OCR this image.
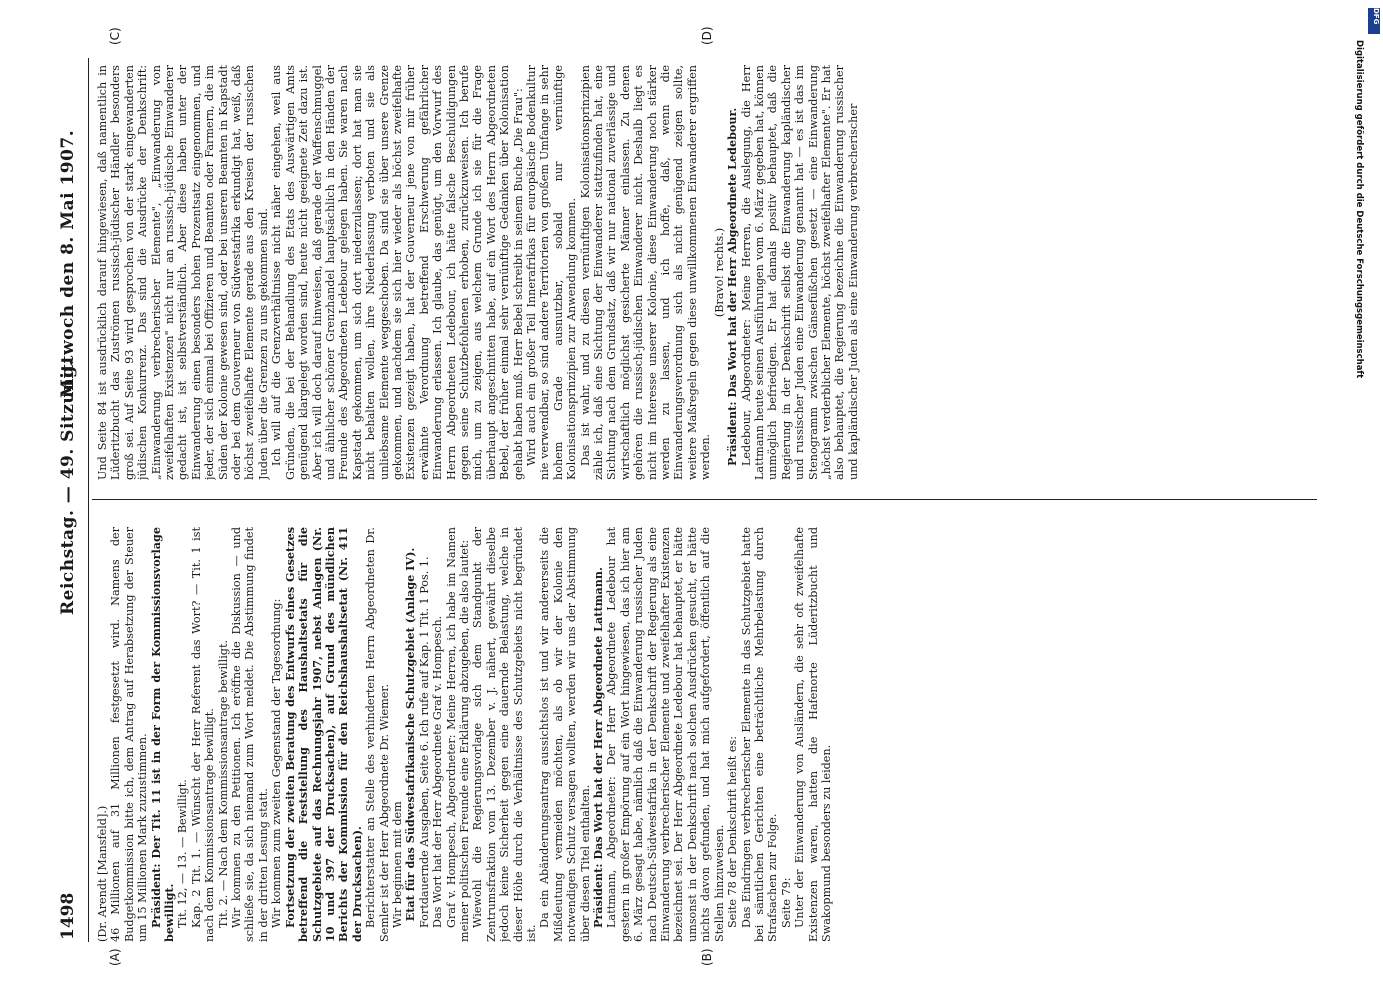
1498
Reichstag. — 49. Sitzung.
Mittwoch den 8. Mai 1907.
(A)	(B)
(C)	(D)

(Dr. Arendt [Mansfeld].) 46 Millionen auf 31 Millionen festgesetzt wird. Namens der Budgetkommission bitte ich, dem Antrag auf Herabsetzung der Steuer um 15 Millionen Mark zuzustimmen. Präsident: Der Tit. 11 ist in der Form der Kommissionsvorlage bewilligt. Tit. 12, — 13. — Bewilligt. Kap. 2 Tit. 1. — Wünscht der Herr Referent das Wort? — Tit. 1 ist nach dem Kommissionsantrage bewilligt. Tit. 2. — Nach dem Kommissionsantrage bewilligt. Wir kommen zu den Petitionen. Ich eröffne die Diskussion — und schließe sie, da sich niemand zum Wort meldet. Die Abstimmung findet in der dritten Lesung statt. Wir kommen zum zweiten Gegenstand der Tagesordnung: Fortsetzung der zweiten Beratung des Entwurfs eines Gesetzes betreffend die Feststellung des Haushaltsetats für die Schutzgebiete auf das Rechnungsjahr 1907, nebst Anlagen (Nr. 10 und 397 der Drucksachen), auf Grund des mündlichen Berichts der Kommission für den Reichshaushaltsetat (Nr. 411 der Drucksachen). Berichterstatter an Stelle des verhinderten Herrn Abgeordneten Dr. Semler ist der Herr Abgeordnete Dr. Wiemer. Wir beginnen mit dem Etat für das Südwestafrikanische Schutzgebiet (Anlage IV). Fortdauernde Ausgaben, Seite 6. Ich rufe auf Kap. 1 Tit. 1 Pos. 1. Das Wort hat der Herr Abgeordnete Graf v. Hompesch. Graf v. Hompesch, Abgeordneter: Meine Herren, ich habe im Namen meiner politischen Freunde eine Erklärung abzugeben, die also lautet: Wiewohl die Regierungsvorlage sich dem Standpunkt der Zentrumsfraktion vom 13. Dezember v. J. nähert, gewährt dieselbe jedoch keine Sicherheit gegen eine dauernde Belastung, welche in dieser Höhe durch die Verhältnisse des Schutzgebiets nicht begründet ist.

Da ein Abänderungsantrag aussichtslos ist und wir andererseits die Mißdeutung vermeiden möchten, als ob wir der Kolonie den notwendigen Schutz versagen wollten, werden wir uns der Abstimmung über diesen Titel enthalten. Präsident: Das Wort hat der Herr Abgeordnete Lattmann. Lattmann, Abgeordneter: Der Herr Abgeordnete Ledebour hat gestern in großer Empörung auf ein Wort hingewiesen, das ich hier am 6. März gesagt habe, nämlich daß die Einwanderung russischer Juden nach Deutsch-Südwestafrika in der Denkschrift der Regierung als eine Einwanderung verbrecherischer Elemente und zweifelhafter Existenzen bezeichnet sei. Der Herr Abgeordnete Ledebour hat behauptet, er hätte umsonst in der Denkschrift nach solchen Ausdrücken gesucht, er hätte nichts davon gefunden, und hat mich aufgefordert, öffentlich auf die Stellen hinzuweisen. Seite 78 der Denkschrift heißt es: Das Eindringen verbrecherischer Elemente in das Schutzgebiet hatte bei sämtlichen Gerichten eine beträchtliche Mehrbelastung durch Strafsachen zur Folge. Seite 79: Unter der Einwanderung von Ausländern, die sehr oft zweifelhafte Existenzen waren, hatten die Hafenorte Lüderitzbucht und Swakopmund besonders zu leiden.

Und Seite 84 ist ausdrücklich darauf hingewiesen, daß namentlich in Lüderitzbucht das Zuströmen russisch-jüdischer Händler besonders groß sei. Auf Seite 93 wird gesprochen von der stark eingewanderten jüdischen Konkurrenz. Das sind die Ausdrücke der Denkschrift: „Einwanderung verbrecherischer Elemente", „Einwanderung von zweifelhaften Existenzen" nicht nur an russisch-jüdische Einwanderer gedacht ist, ist selbstverständlich. Aber diese haben unter der Einwanderung einen besonders hohen Prozentsatz eingenommen, und jeder, der sich einmal bei Offizieren und Beamten oder Farmern, die im Süden der Kolonie gewesen sind, oder bei unseren Beamten in Kapstadt oder bei dem Gouverneur von Südwestafrika erkundigt hat, weiß, daß höchst zweifelhafte Elemente gerade aus den Kreisen der russischen Juden über die Grenzen zu uns gekommen sind. Ich will auf die Grenzverhältnisse nicht näher eingehen, weil aus Gründen, die bei der Behandlung des Etats des Auswärtigen Amts genügend klargelegt worden sind, heute nicht geeignete Zeit dazu ist. Aber ich will doch darauf hinweisen, daß gerade der Waffenschmuggel und ähnlicher schöner Grenzhandel hauptsächlich in den Händen der Freunde des Abgeordneten Ledebour gelegen haben. Sie waren nach Kapstadt gekommen, um sich dort niederzulassen; dort hat man sie nicht behalten wollen, ihre Niederlassung verboten und sie als unliebsame Elemente weggeschoben. Da sind sie über unsere Grenze gekommen, und nachdem sie sich hier wieder als höchst zweifelhafte Existenzen gezeigt haben, hat der Gouverneur jene von mir früher erwähnte Verordnung betreffend Erschwerung gefährlicher Einwanderung erlassen. Ich glaube, das genügt, um den Vorwurf des Herrn Abgeordneten Ledebour, ich hätte falsche Beschuldigungen gegen seine Schutzbefohlenen erhoben, zurückzuweisen. Ich berufe mich, um zu zeigen, aus welchem Grunde ich sie für die Frage überhaupt angeschnitten habe, auf ein Wort des Herrn Abgeordneten Bebel, der früher einmal sehr vernünftige Gedanken über Kolonisation gehabt haben muß. Herr Bebel schreibt in seinem Buche „Die Frau": Wird auch ein großer Teil Innerafrikas für europäische Bodenkultur nie verwendbar, so sind andere Territorien von großem Umfange in sehr hohem Grade ausnutzbar, sobald nur vernünftige Kolonisationsprinzipien zur Anwendung kommen. Das ist wahr, und zu diesen vernünftigen Kolonisationsprinzipien zähle ich, daß eine Sichtung der Einwanderer stattzufinden hat, eine Sichtung nach dem Grundsatz, daß wir nur national zuverlässige und wirtschaftlich möglichst gesicherte Männer einlassen. Zu denen gehören die russisch-jüdischen Einwanderer nicht. Deshalb liegt es nicht im Interesse unserer Kolonie, diese Einwanderung noch stärker werden zu lassen, und ich hoffe, daß, wenn die Einwanderungsverordnung sich als nicht genügend zeigen sollte, weitere Maßregeln gegen diese unwillkommenen Einwanderer ergriffen werden.

(Bravo! rechts.) Präsident: Das Wort hat der Herr Abgeordnete Ledebour. Ledebour, Abgeordneter: Meine Herren, die Auslegung, die Herr Lattmann heute seinen Ausführungen vom 6. März gegeben hat, können unmöglich befriedigen. Er hat damals positiv behauptet, daß die Regierung in der Denkschrift selbst die Einwanderung kapländischer und russischer Juden eine Einwanderung genannt hat — es ist das im Stenogramm zwischen Gänsefüßchen gesetzt — eine Einwanderung „höchst verderblicher Elemente, höchst zweifelhafter Elemente". Er hat also behauptet, die Regierung bezeichne die Einwanderung russischer und kapländischer Juden als eine Einwanderung verbrecherischer	Digitalisierung gefördert durch die Deutsche Forschungsgemeinschaft
DFG
